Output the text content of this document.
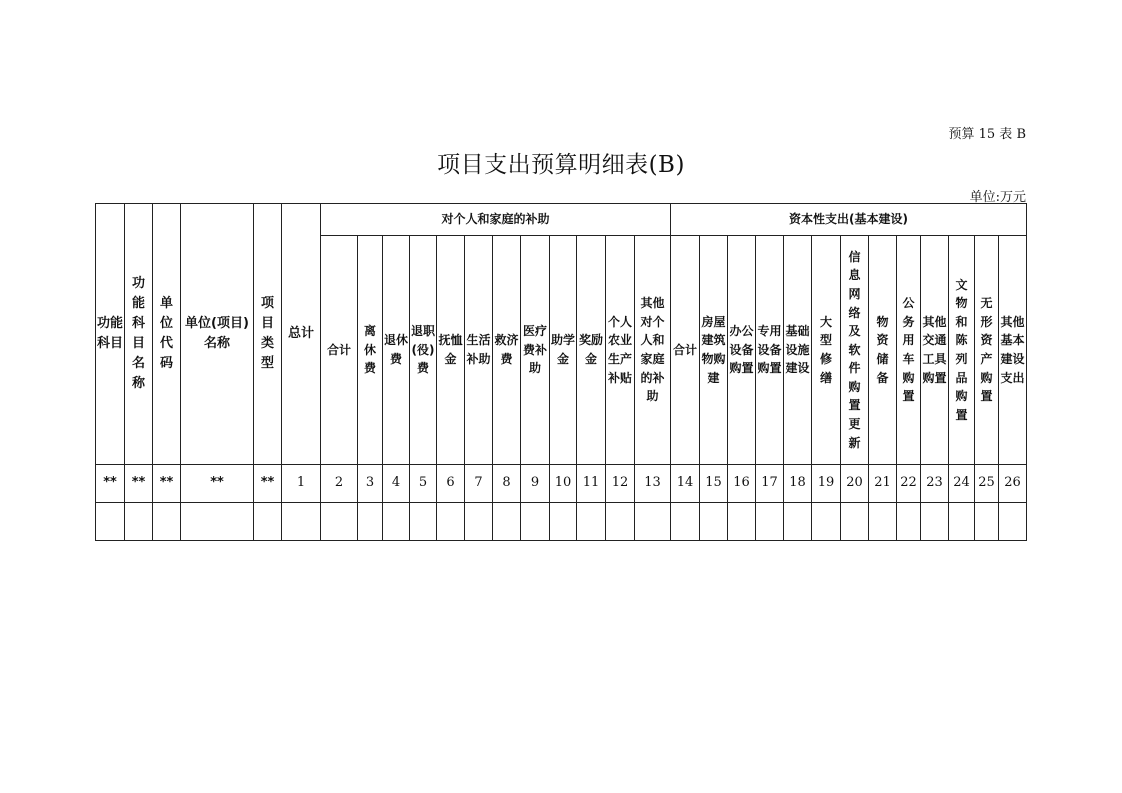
预算 15 表 B
项目支出预算明细表(B)
单位:万元
功能科目	功能科目名称	单位代码	单位(项目)名称	项目类型	总计	对个人和家庭的补助												资本性支出(基本建设)												
						合计	离休费	退休费	退职(役)费	抚恤金	生活补助	救济费	医疗费补助	助学金	奖励金	个人农业生产补贴	其他对个人和家庭的补助	合计	房屋建筑物购建	办公设备购置	专用设备购置	基础设施建设	大型修缮	信息网络及软件购置更新	物资储备	公务用车购置	其他交通工具购置	文物和陈列品购置	无形资产购置	其他基本建设支出
**	**	**	**	**	1	2	3	4	5	6	7	8	9	10	11	12	13	14	15	16	17	18	19	20	21	22	23	24	25	26
